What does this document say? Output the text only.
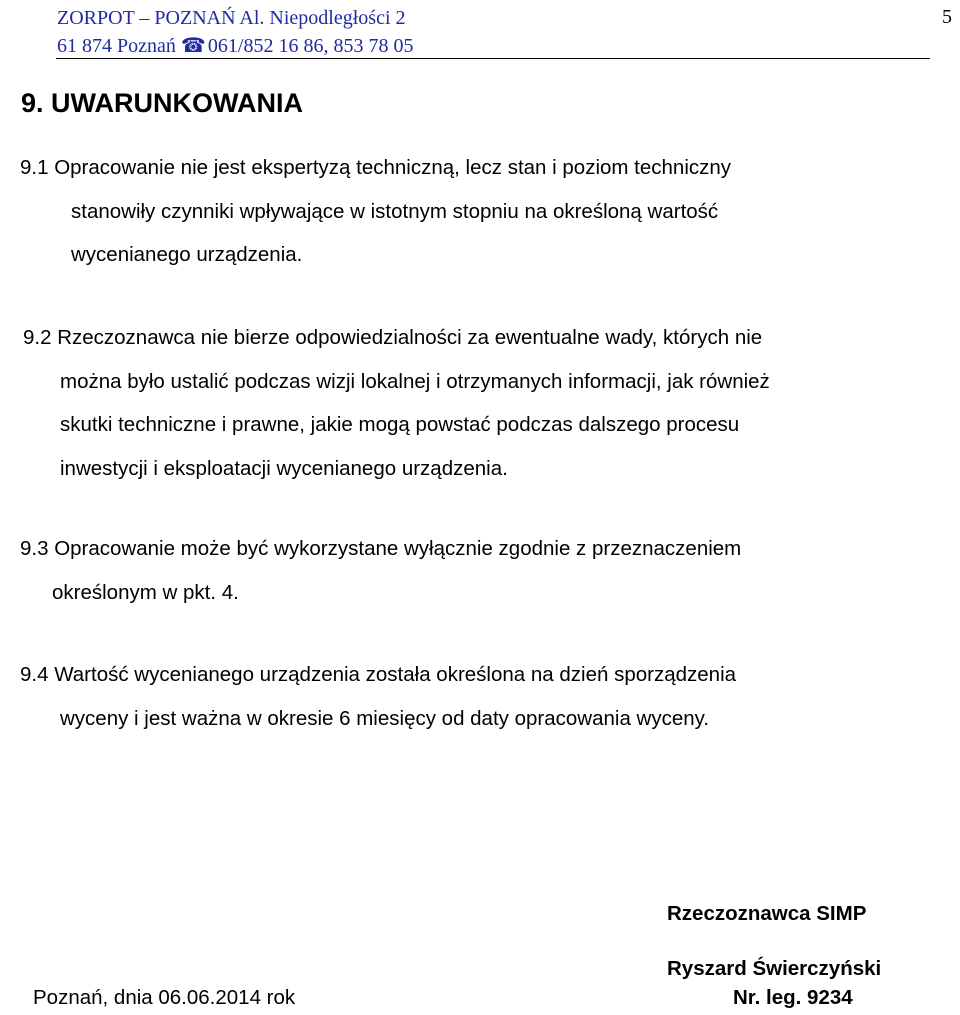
ZORPOT – POZNAŃ Al. Niepodległości 2
61 874 Poznań ☎ 061/852 16 86, 853 78 05
5
9. UWARUNKOWANIA
9.1 Opracowanie nie jest ekspertyzą techniczną, lecz stan i poziom techniczny
stanowiły czynniki wpływające w istotnym stopniu na określoną wartość
wycenianego urządzenia.
9.2 Rzeczoznawca nie bierze odpowiedzialności za ewentualne wady, których nie
można było ustalić podczas wizji lokalnej i otrzymanych informacji, jak również
skutki techniczne i prawne, jakie mogą powstać podczas dalszego procesu
inwestycji i eksploatacji wycenianego urządzenia.
9.3 Opracowanie może być wykorzystane wyłącznie zgodnie z przeznaczeniem
określonym w pkt. 4.
9.4 Wartość wycenianego urządzenia została określona na dzień sporządzenia
wyceny i jest ważna w okresie 6 miesięcy od daty opracowania wyceny.
Rzeczoznawca SIMP
Ryszard Świerczyński
Nr. leg. 9234
Poznań, dnia 06.06.2014 rok
